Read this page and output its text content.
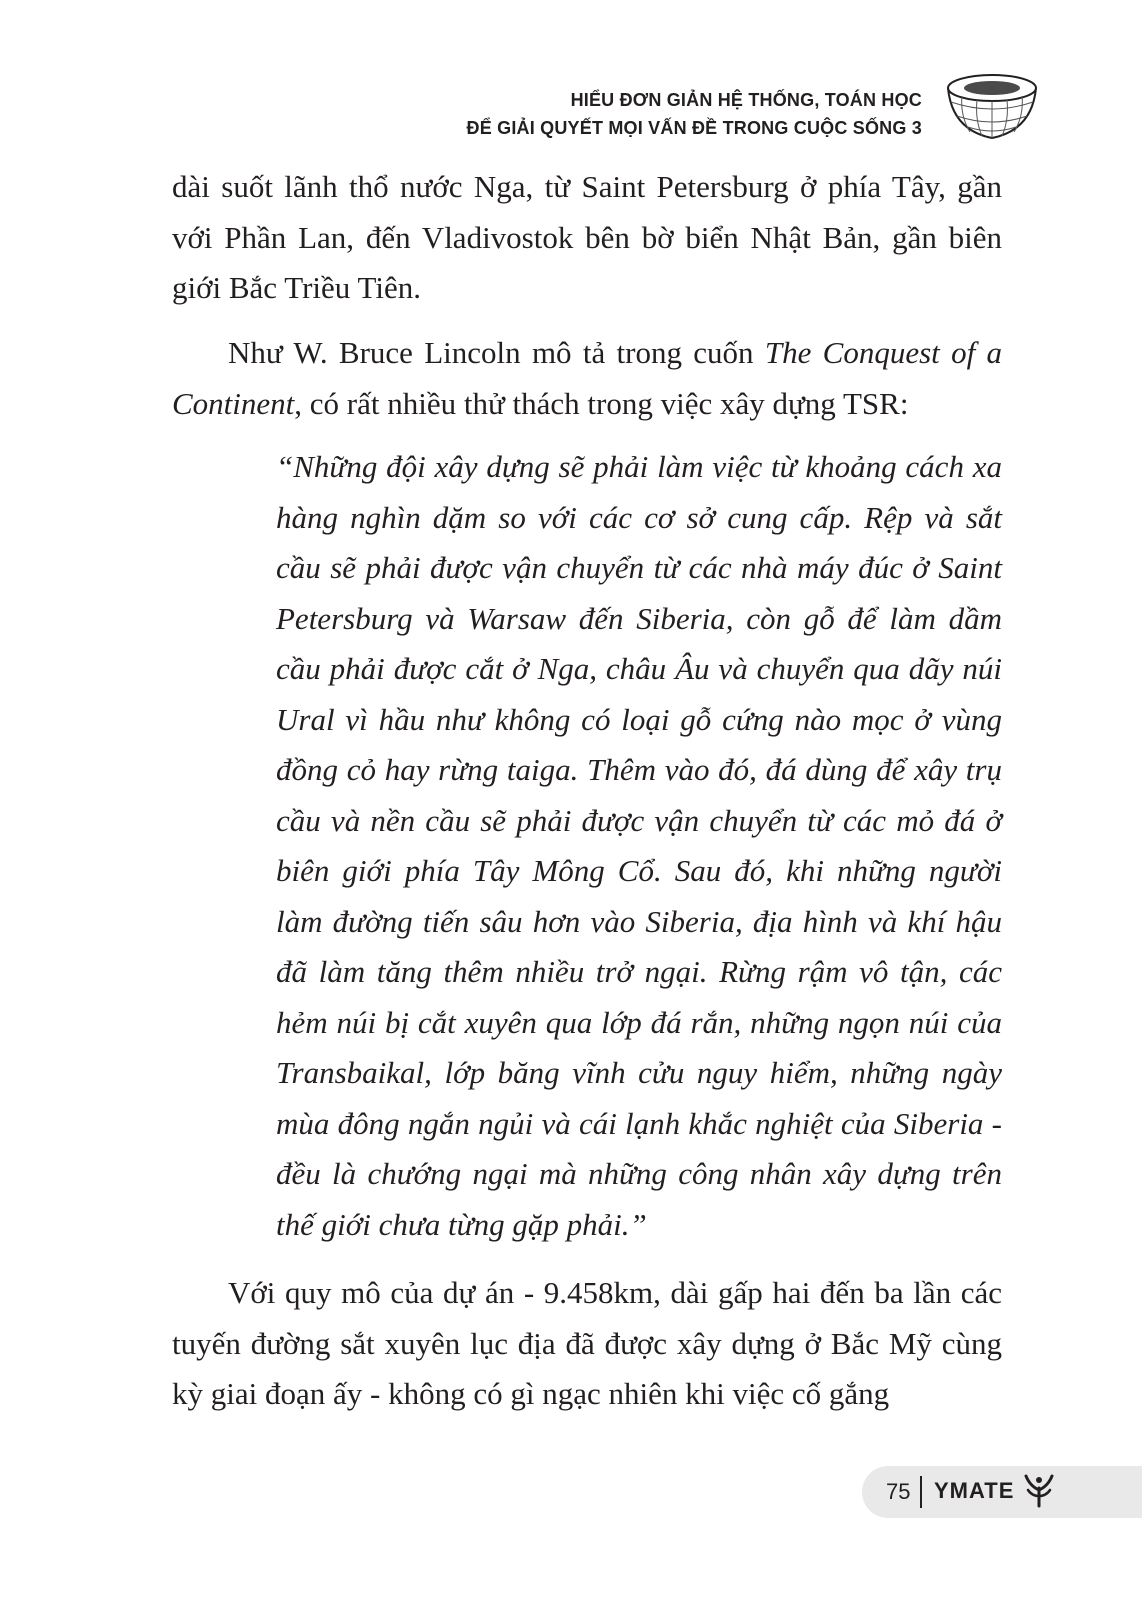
HIỂU ĐƠN GIẢN HỆ THỐNG, TOÁN HỌC
ĐỂ GIẢI QUYẾT MỌI VẤN ĐỀ TRONG CUỘC SỐNG 3
dài suốt lãnh thổ nước Nga, từ Saint Petersburg ở phía Tây, gần với Phần Lan, đến Vladivostok bên bờ biển Nhật Bản, gần biên giới Bắc Triều Tiên.
Như W. Bruce Lincoln mô tả trong cuốn The Conquest of a Continent, có rất nhiều thử thách trong việc xây dựng TSR:
“Những đội xây dựng sẽ phải làm việc từ khoảng cách xa hàng nghìn dặm so với các cơ sở cung cấp. Rệp và sắt cầu sẽ phải được vận chuyển từ các nhà máy đúc ở Saint Petersburg và Warsaw đến Siberia, còn gỗ để làm dầm cầu phải được cắt ở Nga, châu Âu và chuyển qua dãy núi Ural vì hầu như không có loại gỗ cứng nào mọc ở vùng đồng cỏ hay rừng taiga. Thêm vào đó, đá dùng để xây trụ cầu và nền cầu sẽ phải được vận chuyển từ các mỏ đá ở biên giới phía Tây Mông Cổ. Sau đó, khi những người làm đường tiến sâu hơn vào Siberia, địa hình và khí hậu đã làm tăng thêm nhiều trở ngại. Rừng rậm vô tận, các hẻm núi bị cắt xuyên qua lớp đá rắn, những ngọn núi của Transbaikal, lớp băng vĩnh cửu nguy hiểm, những ngày mùa đông ngắn ngủi và cái lạnh khắc nghiệt của Siberia - đều là chướng ngại mà những công nhân xây dựng trên thế giới chưa từng gặp phải.”
Với quy mô của dự án - 9.458km, dài gấp hai đến ba lần các tuyến đường sắt xuyên lục địa đã được xây dựng ở Bắc Mỹ cùng kỳ giai đoạn ấy - không có gì ngạc nhiên khi việc cố gắng
75 YMATE
